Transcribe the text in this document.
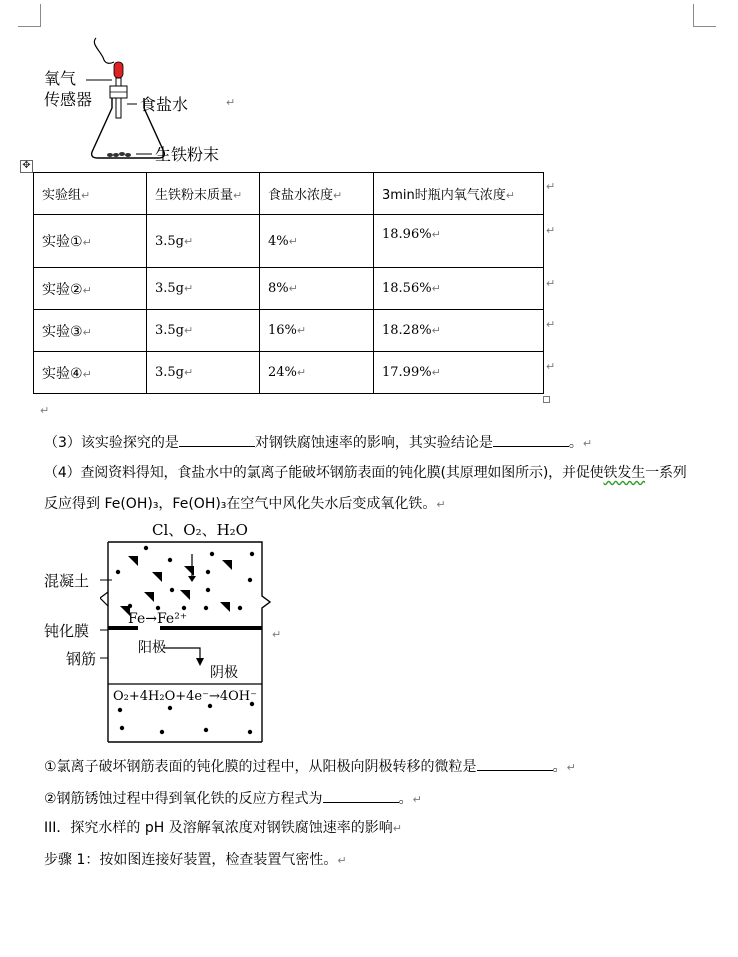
氧气
传感器	食盐水	↵
生铁粉末
✥
实验组↵	生铁粉末质量↵	食盐水浓度↵	3min时瓶内氧气浓度↵
实验①↵	3.5g↵	4%↵	18.96%↵
实验②↵	3.5g↵	8%↵	18.56%↵
实验③↵	3.5g↵	16%↵	18.28%↵
实验④↵	3.5g↵	24%↵	17.99%↵
↵
↵
↵
↵
↵
↵
（3）该实验探究的是	对钢铁腐蚀速率的影响，其实验结论是	。↵
（4）查阅资料得知，食盐水中的氯离子能破坏钢筋表面的钝化膜(其原理如图所示)，并促使铁发生一系列
反应得到 Fe(OH)₃，Fe(OH)₃在空气中风化失水后变成氧化铁。↵
Cl、O₂、H₂O
混凝土
钝化膜
钢筋
Fe→Fe²⁺
阳极
阴极
O₂+4H₂O+4e⁻→4OH⁻
↵
①氯离子破坏钢筋表面的钝化膜的过程中，从阳极向阴极转移的微粒是	。↵
②钢筋锈蚀过程中得到氧化铁的反应方程式为	。↵
III．探究水样的 pH 及溶解氧浓度对钢铁腐蚀速率的影响↵
步骤 1：按如图连接好装置，检查装置气密性。↵
